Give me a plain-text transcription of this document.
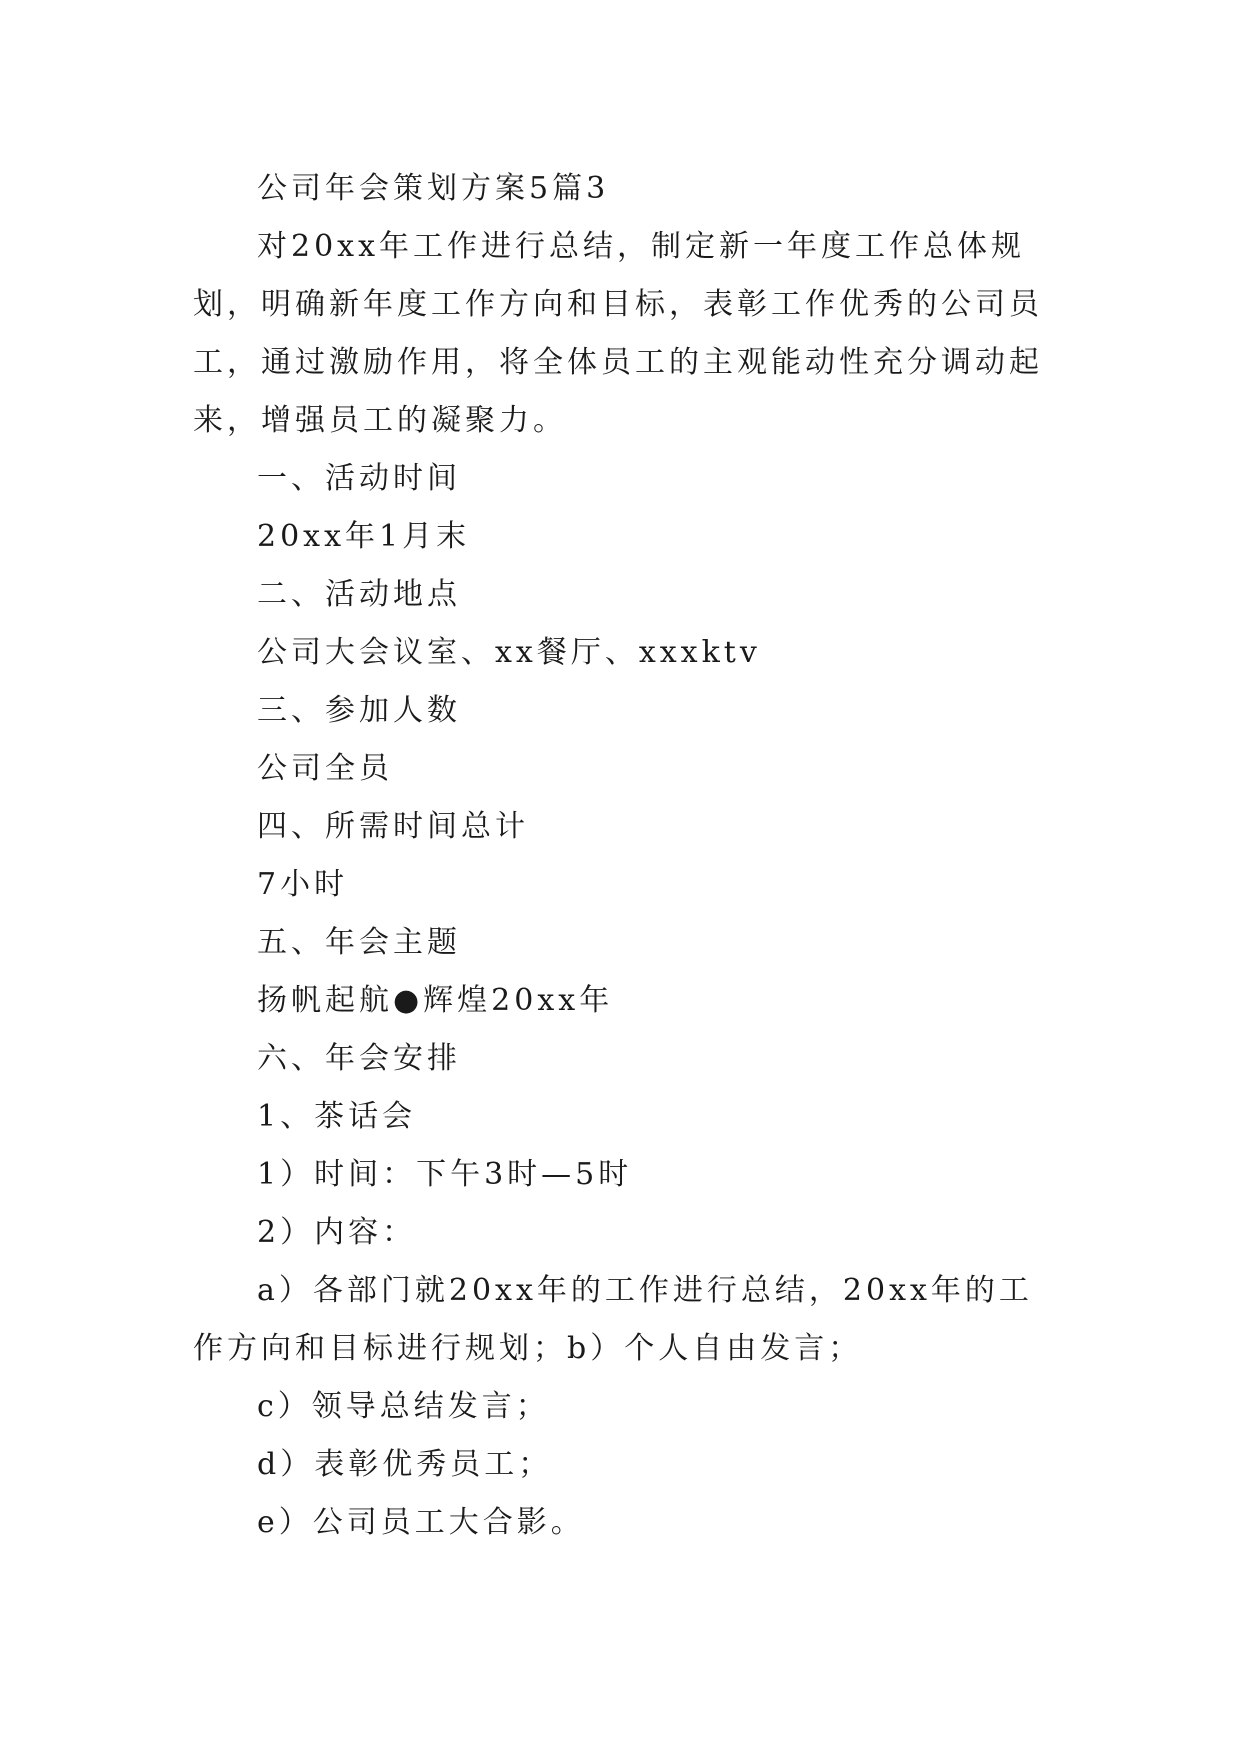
公司年会策划方案5篇3

对20xx年工作进行总结，制定新一年度工作总体规划，明确新年度工作方向和目标，表彰工作优秀的公司员工，通过激励作用，将全体员工的主观能动性充分调动起来，增强员工的凝聚力。

一、活动时间

20xx年1月末

二、活动地点

公司大会议室、xx餐厅、xxxktv

三、参加人数

公司全员

四、所需时间总计

7小时

五、年会主题

扬帆起航●辉煌20xx年

六、年会安排

1、茶话会

1）时间：下午3时—5时

2）内容：

a）各部门就20xx年的工作进行总结，20xx年的工作方向和目标进行规划；b）个人自由发言；

c）领导总结发言；

d）表彰优秀员工；

e）公司员工大合影。
